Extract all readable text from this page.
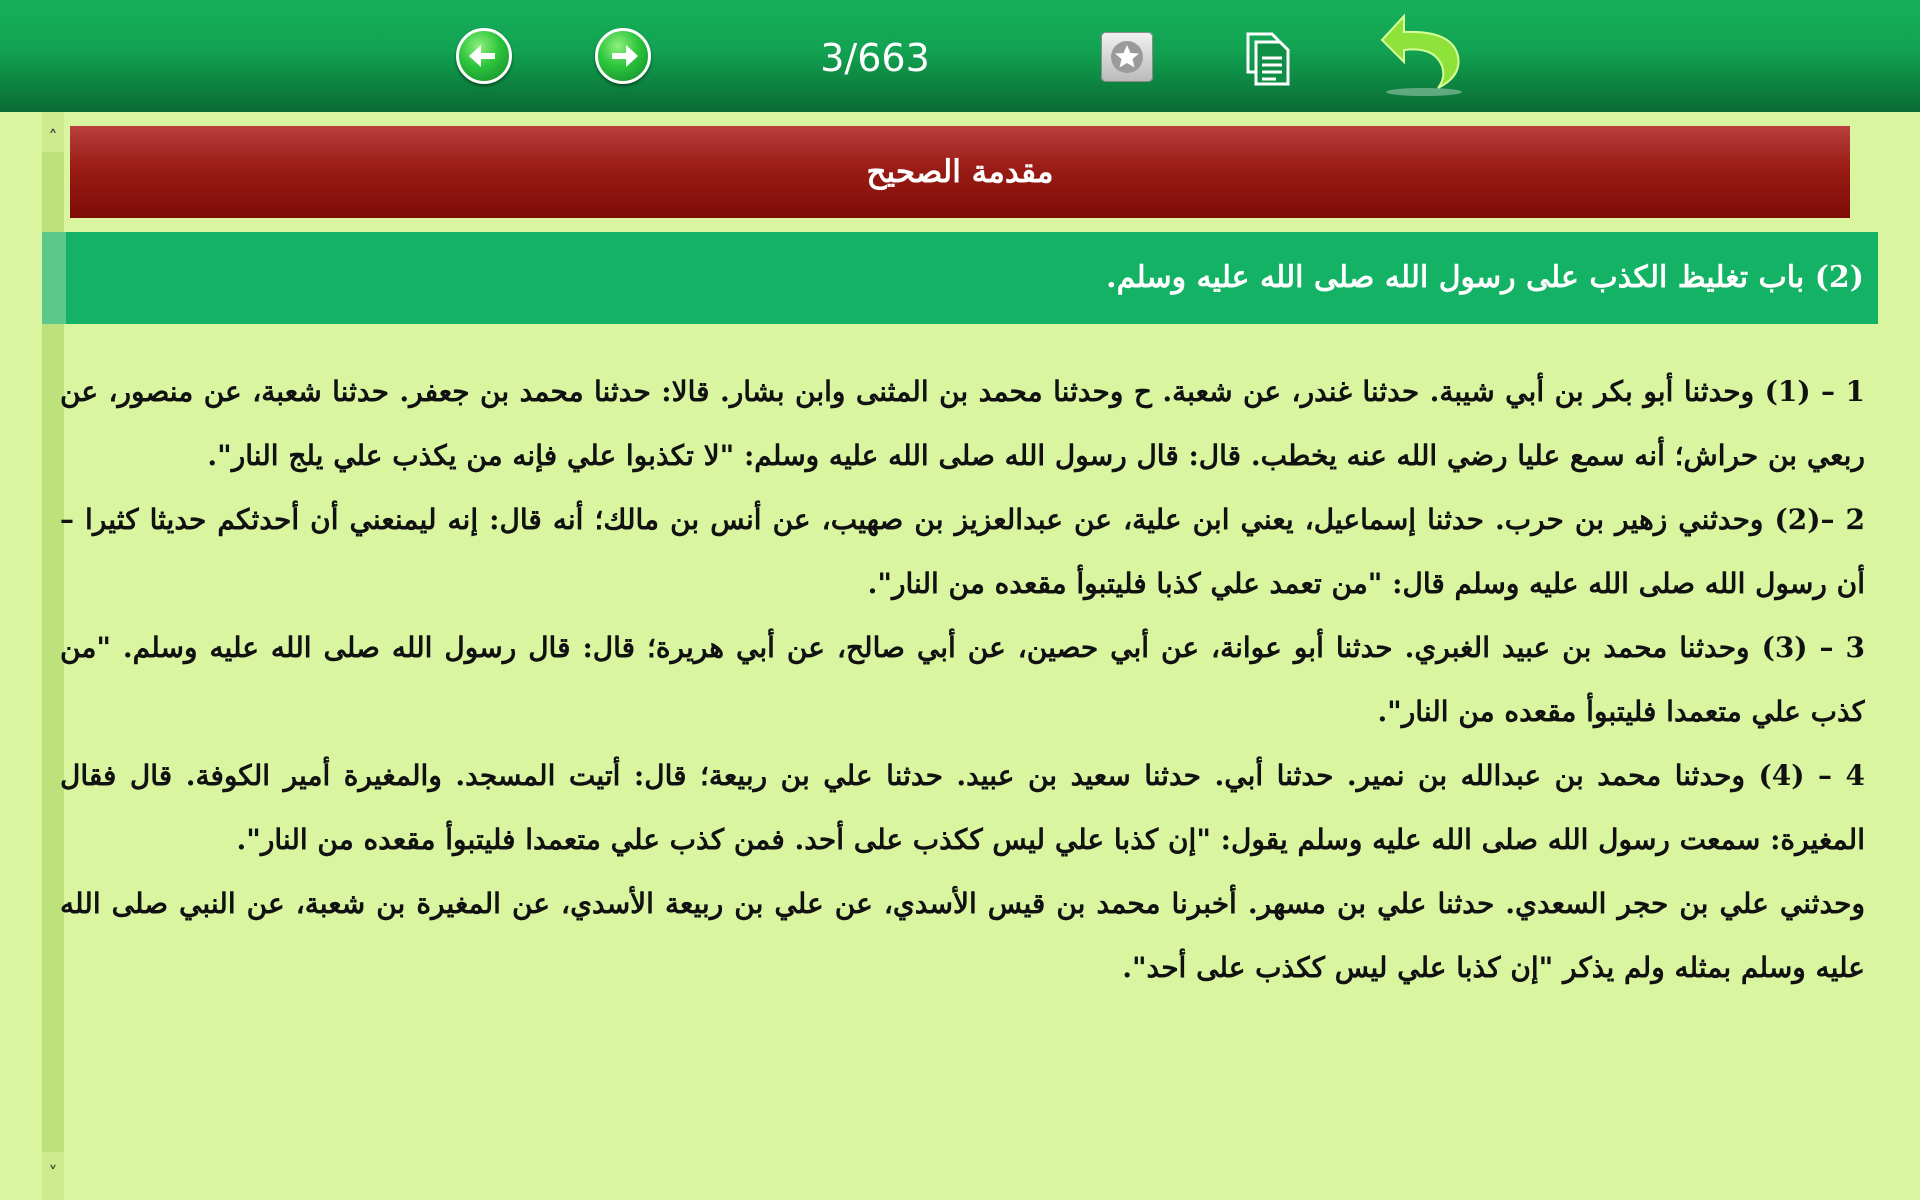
3/663
˄
˅
مقدمة الصحيح
(2) باب تغليظ الكذب على رسول الله صلى الله عليه وسلم.

1 – (1) وحدثنا أبو بكر بن أبي شيبة. حدثنا غندر، عن شعبة. ح وحدثنا محمد بن المثنى وابن بشار. قالا: حدثنا محمد بن جعفر. حدثنا شعبة، عن منصور، عن ربعي بن حراش؛ أنه سمع عليا رضي الله عنه يخطب. قال: قال رسول الله صلى الله عليه وسلم: "لا تكذبوا علي فإنه من يكذب علي يلج النار".

2 –(2) وحدثني زهير بن حرب. حدثنا إسماعيل، يعني ابن علية، عن عبدالعزيز بن صهيب، عن أنس بن مالك؛ أنه قال: إنه ليمنعني أن أحدثكم حديثا كثيرا – أن رسول الله صلى الله عليه وسلم قال: "من تعمد علي كذبا فليتبوأ مقعده من النار".

3 – (3) وحدثنا محمد بن عبيد الغبري. حدثنا أبو عوانة، عن أبي حصين، عن أبي صالح، عن أبي هريرة؛ قال: قال رسول الله صلى الله عليه وسلم. "من كذب علي متعمدا فليتبوأ مقعده من النار".

4 – (4) وحدثنا محمد بن عبدالله بن نمير. حدثنا أبي. حدثنا سعيد بن عبيد. حدثنا علي بن ربيعة؛ قال: أتيت المسجد. والمغيرة أمير الكوفة. قال فقال المغيرة: سمعت رسول الله صلى الله عليه وسلم يقول: "إن كذبا علي ليس ككذب على أحد. فمن كذب علي متعمدا فليتبوأ مقعده من النار".

وحدثني علي بن حجر السعدي. حدثنا علي بن مسهر. أخبرنا محمد بن قيس الأسدي، عن علي بن ربيعة الأسدي، عن المغيرة بن شعبة، عن النبي صلى الله عليه وسلم بمثله ولم يذكر "إن كذبا علي ليس ككذب على أحد".
